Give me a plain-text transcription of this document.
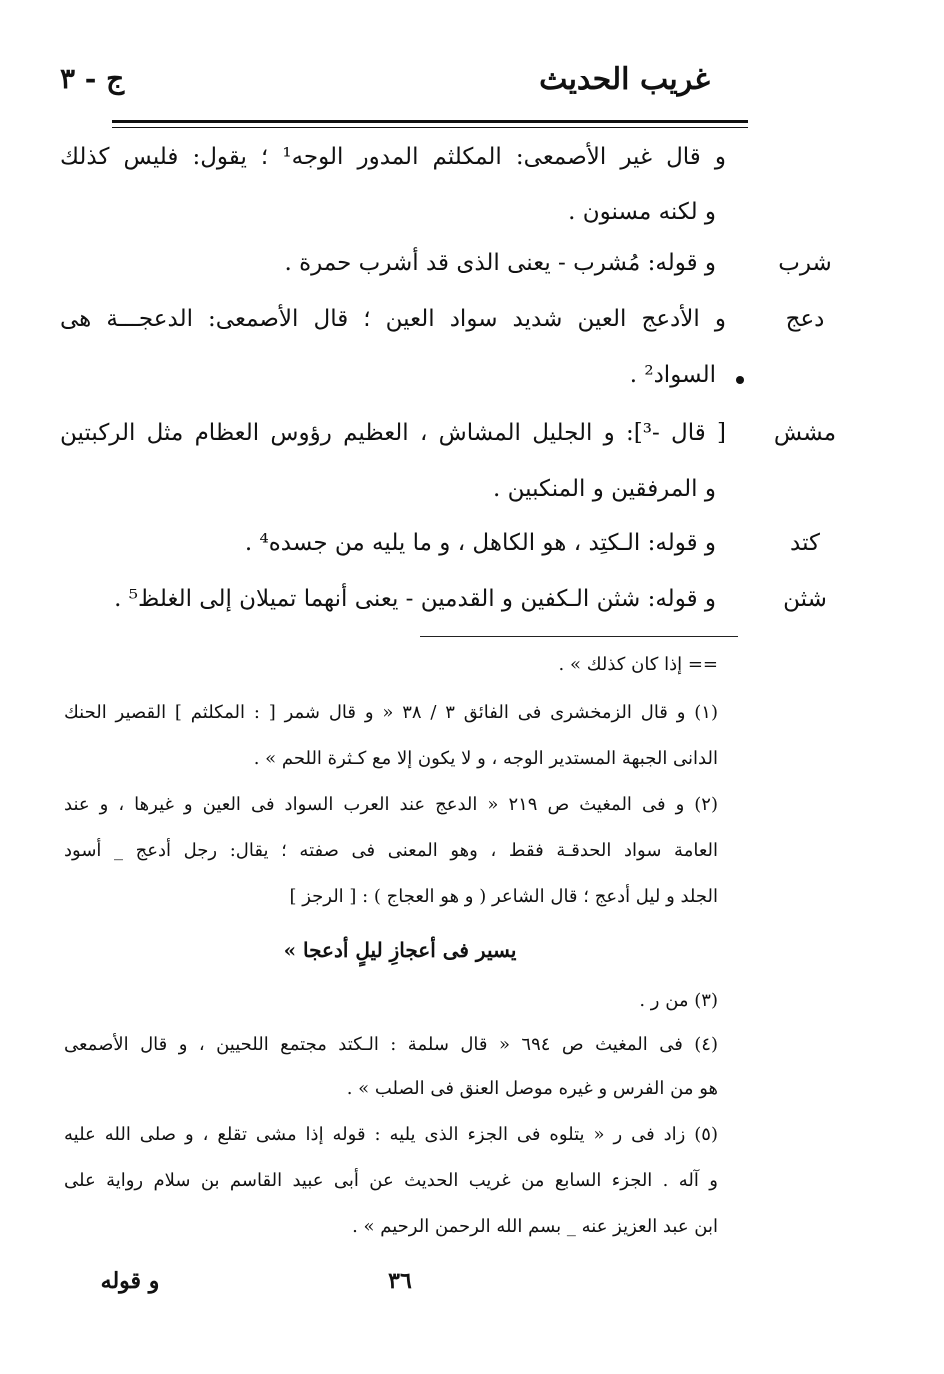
غريب الحديث
ج - ٣
و قال غير الأصمعى: المكلثم المدور الوجه¹ ؛ يقول: فليس كذلك
و لكنه مسنون .
و قوله: مُشرب - يعنى الذى قد أشرب حمرة .
و الأدعج العين شديد سواد العين ؛ قال الأصمعى: الدعجـــة هى
السواد² .
[ قال -³]: و الجليل المشاش ، العظيم رؤوس العظام مثل الركبتين
و المرفقين و المنكبين .
و قوله: الـكتِد ، هو الكاهل ، و ما يليه من جسده⁴ .
و قوله: شثن الـكفين و القدمين - يعنى أنهما تميلان إلى الغلظ⁵ .
شرب
دعج
مشش
كتد
شثن
== إذا كان كذلك » .
(١) و قال الزمخشرى فى الفائق ٣ / ٣٨ « و قال شمر [ : المكلثم ] القصير الحنك
الدانى الجبهة المستدير الوجه ، و لا يكون إلا مع كـثرة اللحم » .
(٢) و فى المغيث ص ٢١٩ « الدعج عند العرب السواد فى العين و غيرها ، و عند
العامة سواد الحدقـة فقط ، وهو المعنى فى صفته ؛ يقال: رجل أدعج _ أسود
الجلد و ليل أدعج ؛ قال الشاعر ( و هو العجاج ) : [ الرجز ]
يسير فى أعجازِ ليلٍ أدعجا »
(٣) من ر .
(٤) فى المغيث ص ٦٩٤ « قال سلمة : الـكتد مجتمع اللحيين ، و قال الأصمعى
هو من الفرس و غيره موصل العنق فى الصلب » .
(٥) زاد فى ر « يتلوه فى الجزء الذى يليه : قوله إذا مشى تقلع ، و صلى الله عليه
و آله . الجزء السابع من غريب الحديث عن أبى عبيد القاسم بن سلام رواية على
ابن عبد العزيز عنه _ بسم الله الرحمن الرحيم » .
٣٦
و قوله
